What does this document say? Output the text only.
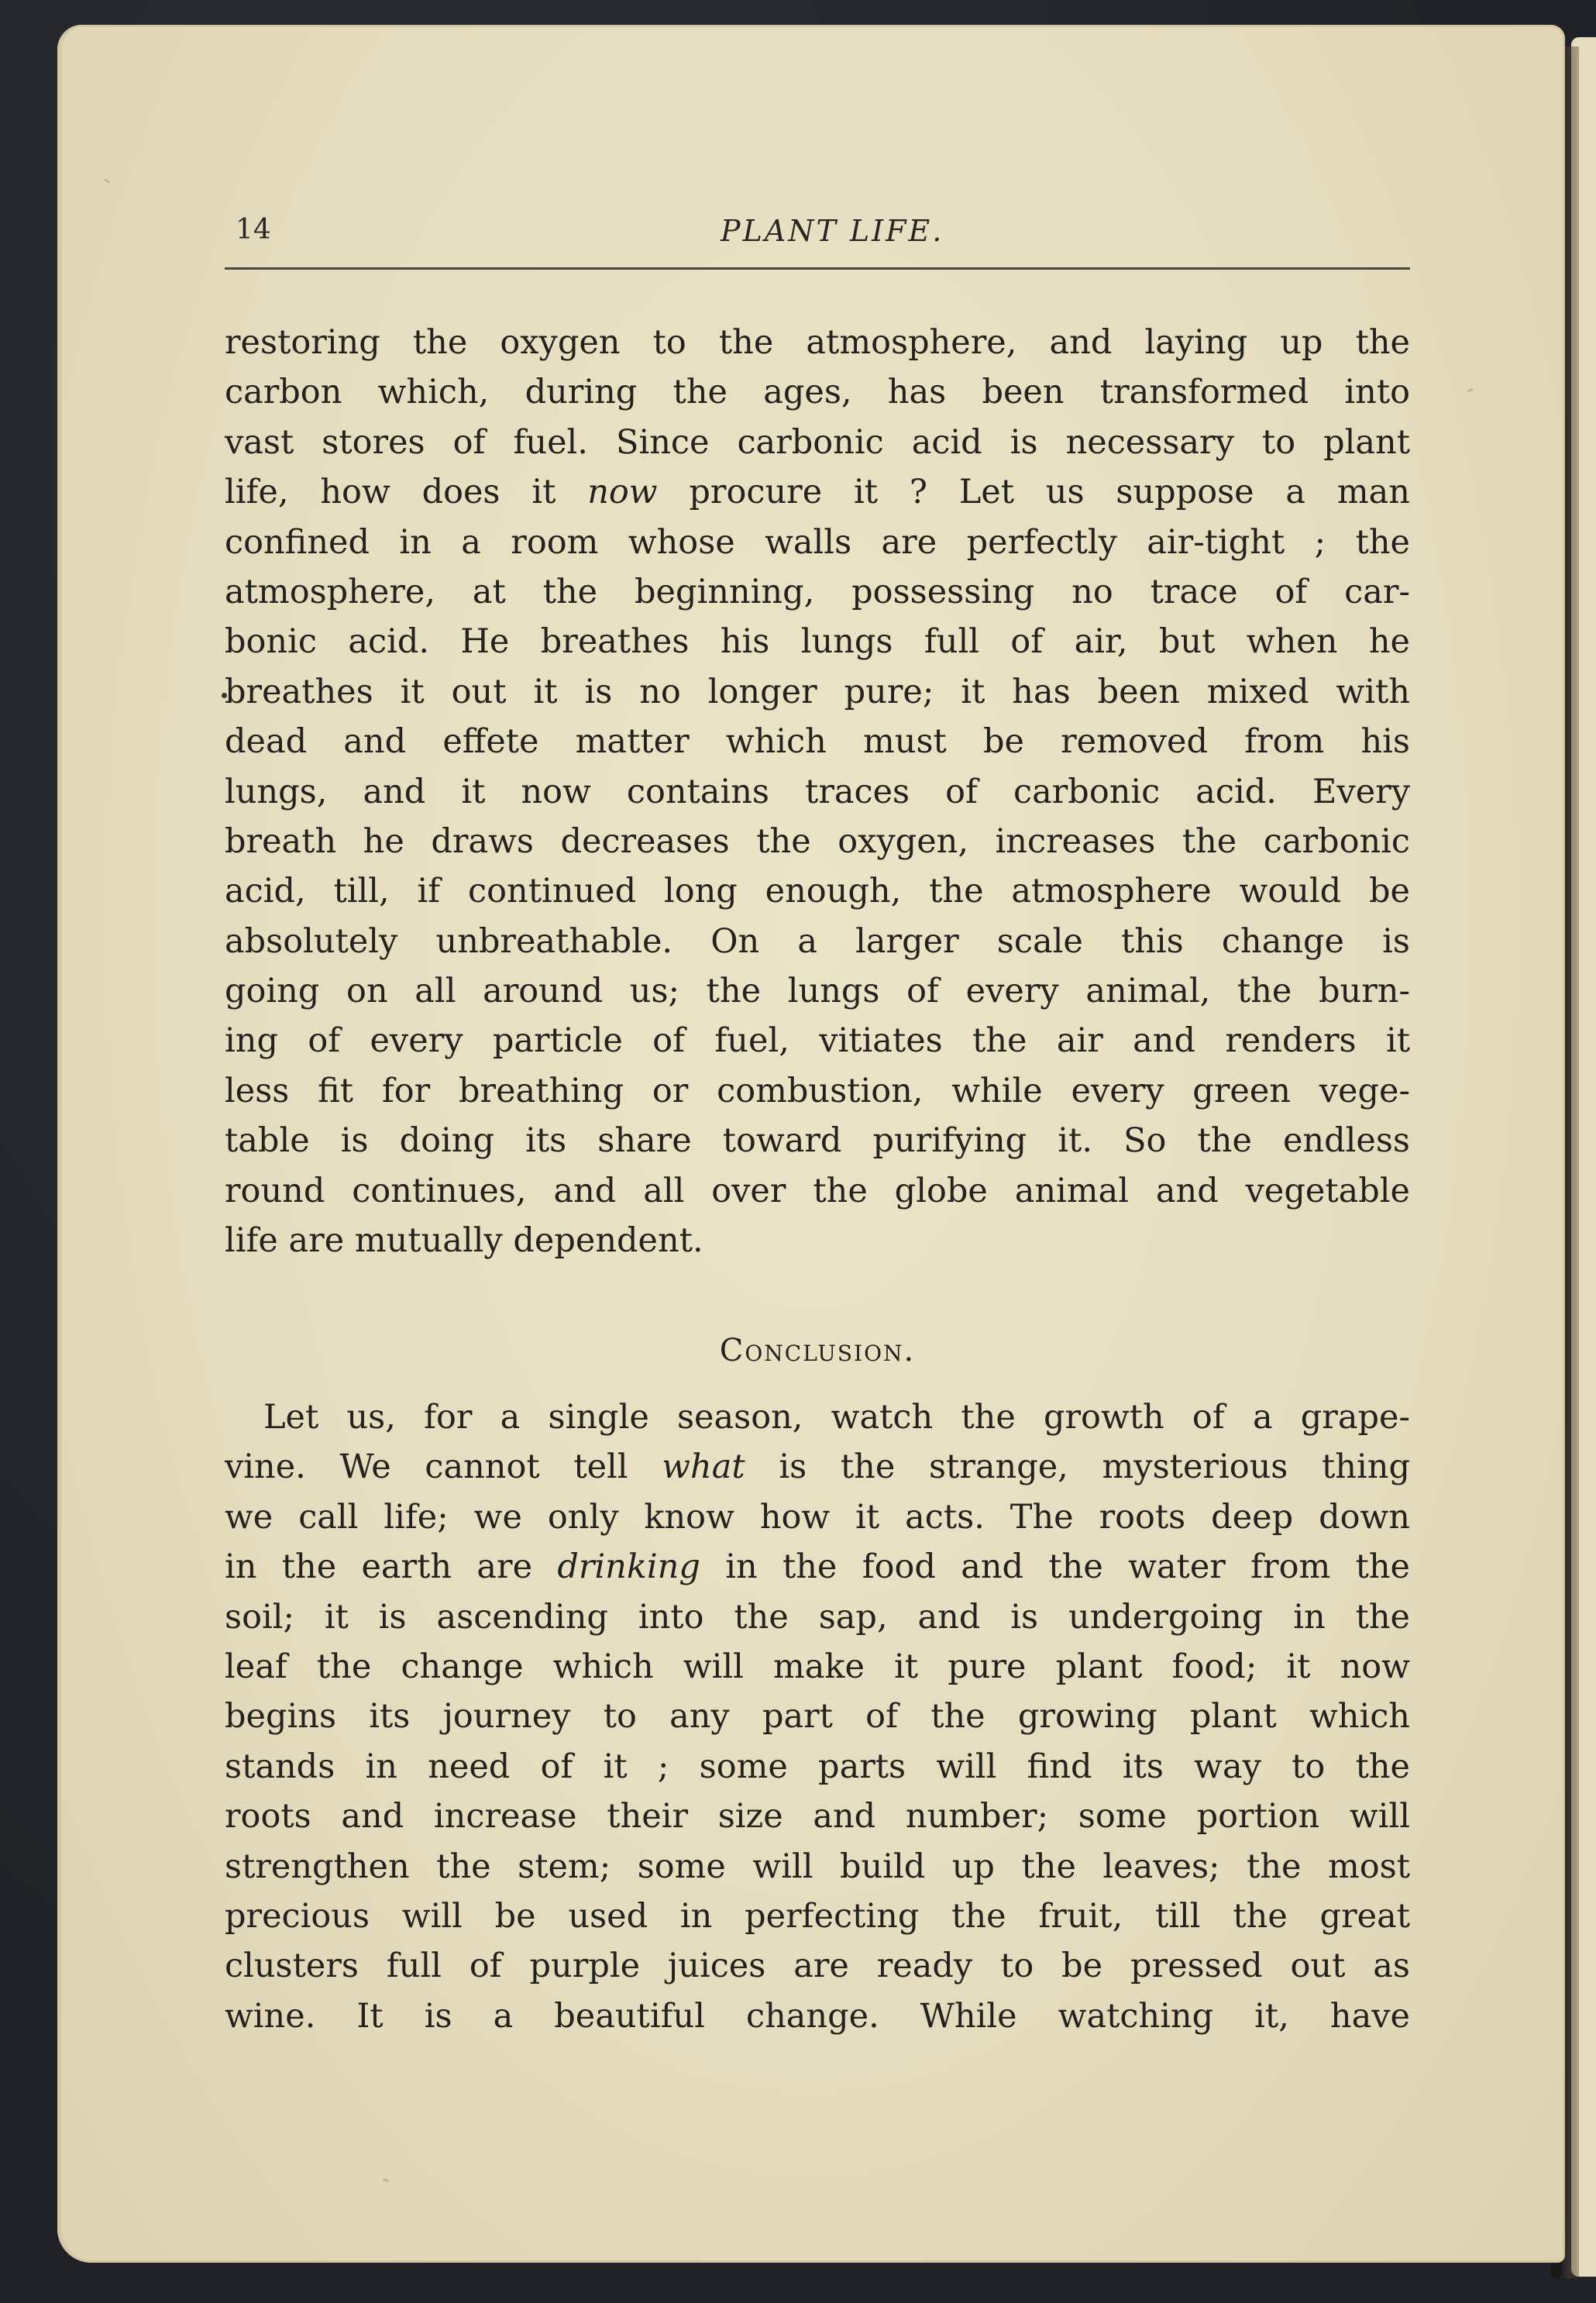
14	PLANT LIFE.
restoring the oxygen to the atmosphere, and laying up the
carbon which, during the ages, has been transformed into
vast stores of fuel. Since carbonic acid is necessary to plant
life, how does it now procure it ? Let us suppose a man
confined in a room whose walls are perfectly air-tight ; the
atmosphere, at the beginning, possessing no trace of car-
bonic acid. He breathes his lungs full of air, but when he
breathes it out it is no longer pure; it has been mixed with
dead and effete matter which must be removed from his
lungs, and it now contains traces of carbonic acid. Every
breath he draws decreases the oxygen, increases the carbonic
acid, till, if continued long enough, the atmosphere would be
absolutely unbreathable. On a larger scale this change is
going on all around us; the lungs of every animal, the burn-
ing of every particle of fuel, vitiates the air and renders it
less fit for breathing or combustion, while every green vege-
table is doing its share toward purifying it. So the endless
round continues, and all over the globe animal and vegetable
life are mutually dependent.
Conclusion.
Let us, for a single season, watch the growth of a grape-
vine. We cannot tell what is the strange, mysterious thing
we call life; we only know how it acts. The roots deep down
in the earth are drinking in the food and the water from the
soil; it is ascending into the sap, and is undergoing in the
leaf the change which will make it pure plant food; it now
begins its journey to any part of the growing plant which
stands in need of it ; some parts will find its way to the
roots and increase their size and number; some portion will
strengthen the stem; some will build up the leaves; the most
precious will be used in perfecting the fruit, till the great
clusters full of purple juices are ready to be pressed out as
wine. It is a beautiful change. While watching it, have
